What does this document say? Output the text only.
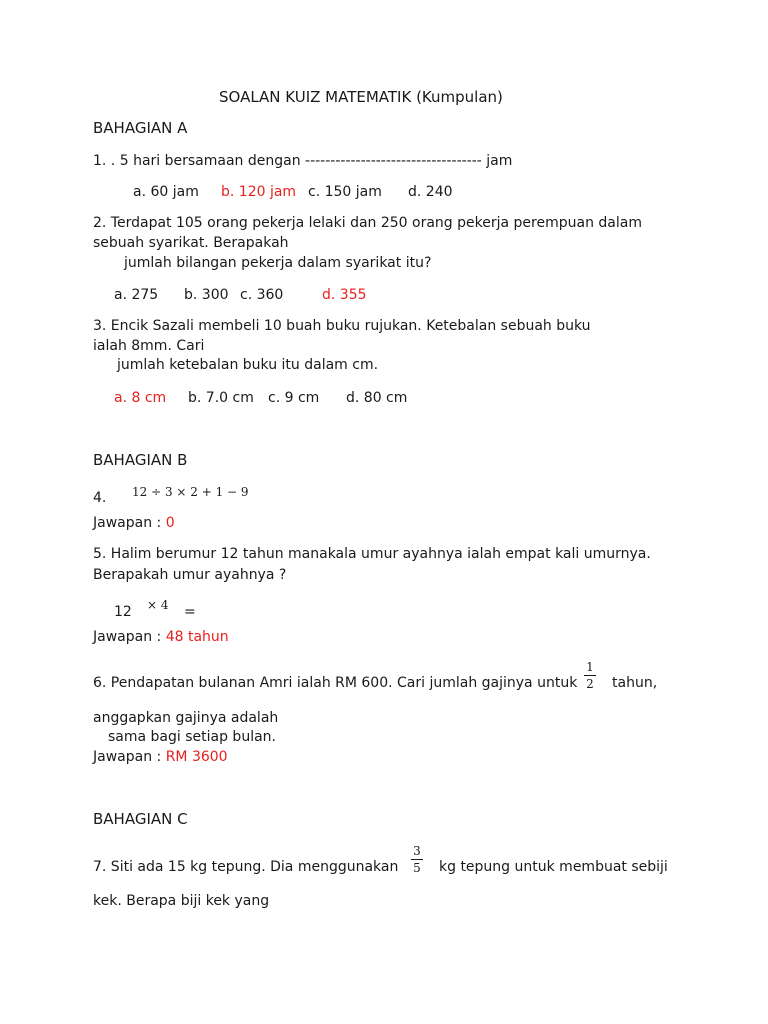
SOALAN KUIZ MATEMATIK (Kumpulan)
BAHAGIAN A
1. . 5 hari bersamaan dengan ----------------------------------- jam
a. 60 jam b. 120 jam c. 150 jam d. 240
2. Terdapat 105 orang pekerja lelaki dan 250 orang pekerja perempuan dalam
sebuah syarikat. Berapakah
jumlah bilangan pekerja dalam syarikat itu?
a. 275 b. 300 c. 360	d. 355
3. Encik Sazali membeli 10 buah buku rujukan. Ketebalan sebuah buku
ialah 8mm. Cari
jumlah ketebalan buku itu dalam cm.
a. 8 cm b. 7.0 cm c. 9 cm d. 80 cm
BAHAGIAN B
4. 12 ÷ 3 × 2 + 1 − 9
Jawapan : 0
5. Halim berumur 12 tahun manakala umur ayahnya ialah empat kali umurnya.
Berapakah umur ayahnya ?
12 × 4 =
Jawapan : 48 tahun
6. Pendapatan bulanan Amri ialah RM 600. Cari jumlah gajinya untuk
1
2 tahun,
anggapkan gajinya adalah
sama bagi setiap bulan.
Jawapan : RM 3600
BAHAGIAN C
7. Siti ada 15 kg tepung. Dia menggunakan
3
5 kg tepung untuk membuat sebiji
kek. Berapa biji kek yang
